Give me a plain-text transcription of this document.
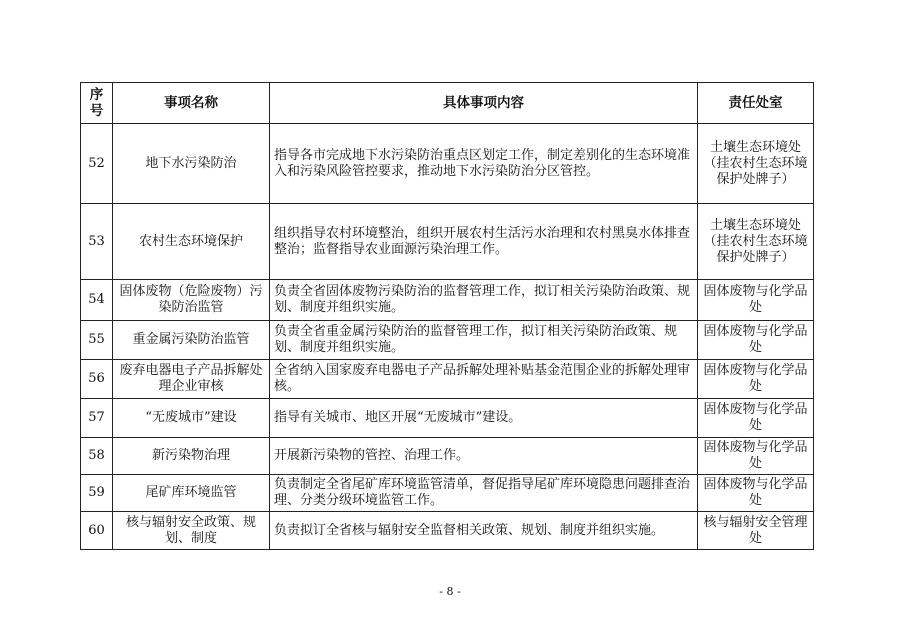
序号	事项名称	具体事项内容	责任处室
52	地下水污染防治	指导各市完成地下水污染防治重点区划定工作，制定差别化的生态环境准入和污染风险管控要求，推动地下水污染防治分区管控。	土壤生态环境处（挂农村生态环境保护处牌子）
53	农村生态环境保护	组织指导农村环境整治，组织开展农村生活污水治理和农村黑臭水体排查整治；监督指导农业面源污染治理工作。	土壤生态环境处（挂农村生态环境保护处牌子）
54	固体废物（危险废物）污染防治监管	负责全省固体废物污染防治的监督管理工作，拟订相关污染防治政策、规划、制度并组织实施。	固体废物与化学品处
55	重金属污染防治监管	负责全省重金属污染防治的监督管理工作，拟订相关污染防治政策、规划、制度并组织实施。	固体废物与化学品处
56	废弃电器电子产品拆解处理企业审核	全省纳入国家废弃电器电子产品拆解处理补贴基金范围企业的拆解处理审核。	固体废物与化学品处
57	“无废城市”建设	指导有关城市、地区开展“无废城市”建设。	固体废物与化学品处
58	新污染物治理	开展新污染物的管控、治理工作。	固体废物与化学品处
59	尾矿库环境监管	负责制定全省尾矿库环境监管清单，督促指导尾矿库环境隐患问题排查治理、分类分级环境监管工作。	固体废物与化学品处
60	核与辐射安全政策、规划、制度	负责拟订全省核与辐射安全监督相关政策、规划、制度并组织实施。	核与辐射安全管理处
- 8 -
